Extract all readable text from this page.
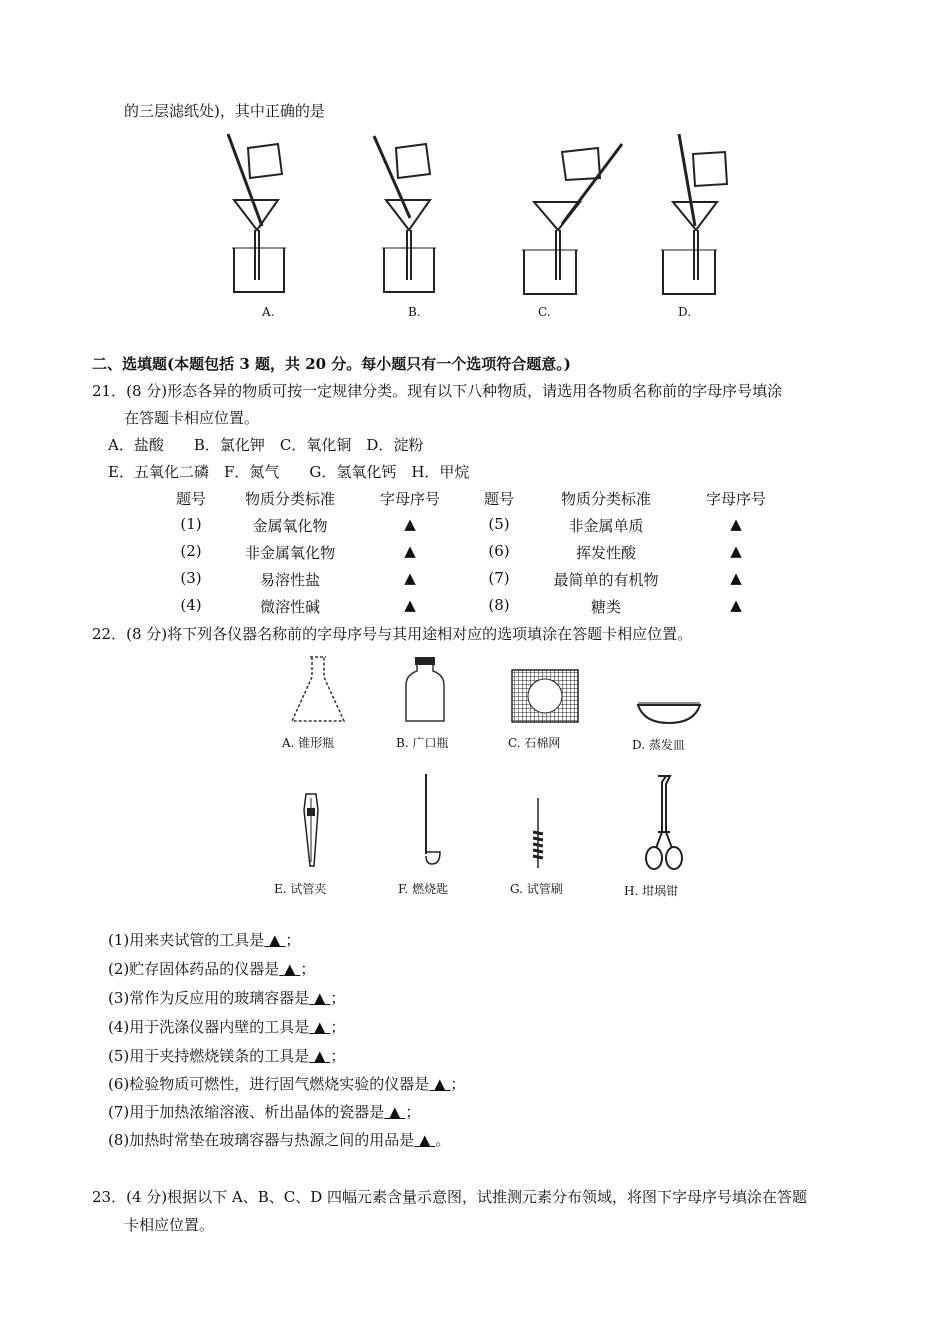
的三层滤纸处)，其中正确的是
A.	B.	C.	D.
二、选填题(本题包括 3 题，共 20 分。每小题只有一个选项符合题意。)
21．(8 分)形态各异的物质可按一定规律分类。现有以下八种物质，请选用各物质名称前的字母序号填涂
在答题卡相应位置。
A．盐酸　　B．氯化钾　C．氧化铜　D．淀粉
E．五氧化二磷　F．氮气　　G．氢氧化钙　H．甲烷
题号	物质分类标准	字母序号	题号	物质分类标准	字母序号
(1)	金属氧化物	▲	(5)	非金属单质	▲
(2)	非金属氧化物	▲	(6)	挥发性酸	▲
(3)	易溶性盐	▲	(7)	最简单的有机物	▲
(4)	微溶性碱	▲	(8)	糖类	▲
22．(8 分)将下列各仪器名称前的字母序号与其用途相对应的选项填涂在答题卡相应位置。
A. 锥形瓶	B. 广口瓶	C. 石棉网	D. 蒸发皿
E. 试管夹	F. 燃烧匙	G. 试管刷	H. 坩埚钳
(1)用来夹试管的工具是 ▲ ；
(2)贮存固体药品的仪器是 ▲ ；
(3)常作为反应用的玻璃容器是 ▲ ；
(4)用于洗涤仪器内壁的工具是 ▲ ；
(5)用于夹持燃烧镁条的工具是 ▲ ；
(6)检验物质可燃性，进行固气燃烧实验的仪器是 ▲ ；
(7)用于加热浓缩溶液、析出晶体的瓷器是 ▲ ；
(8)加热时常垫在玻璃容器与热源之间的用品是 ▲ 。
23．(4 分)根据以下 A、B、C、D 四幅元素含量示意图，试推测元素分布领域，将图下字母序号填涂在答题
卡相应位置。
